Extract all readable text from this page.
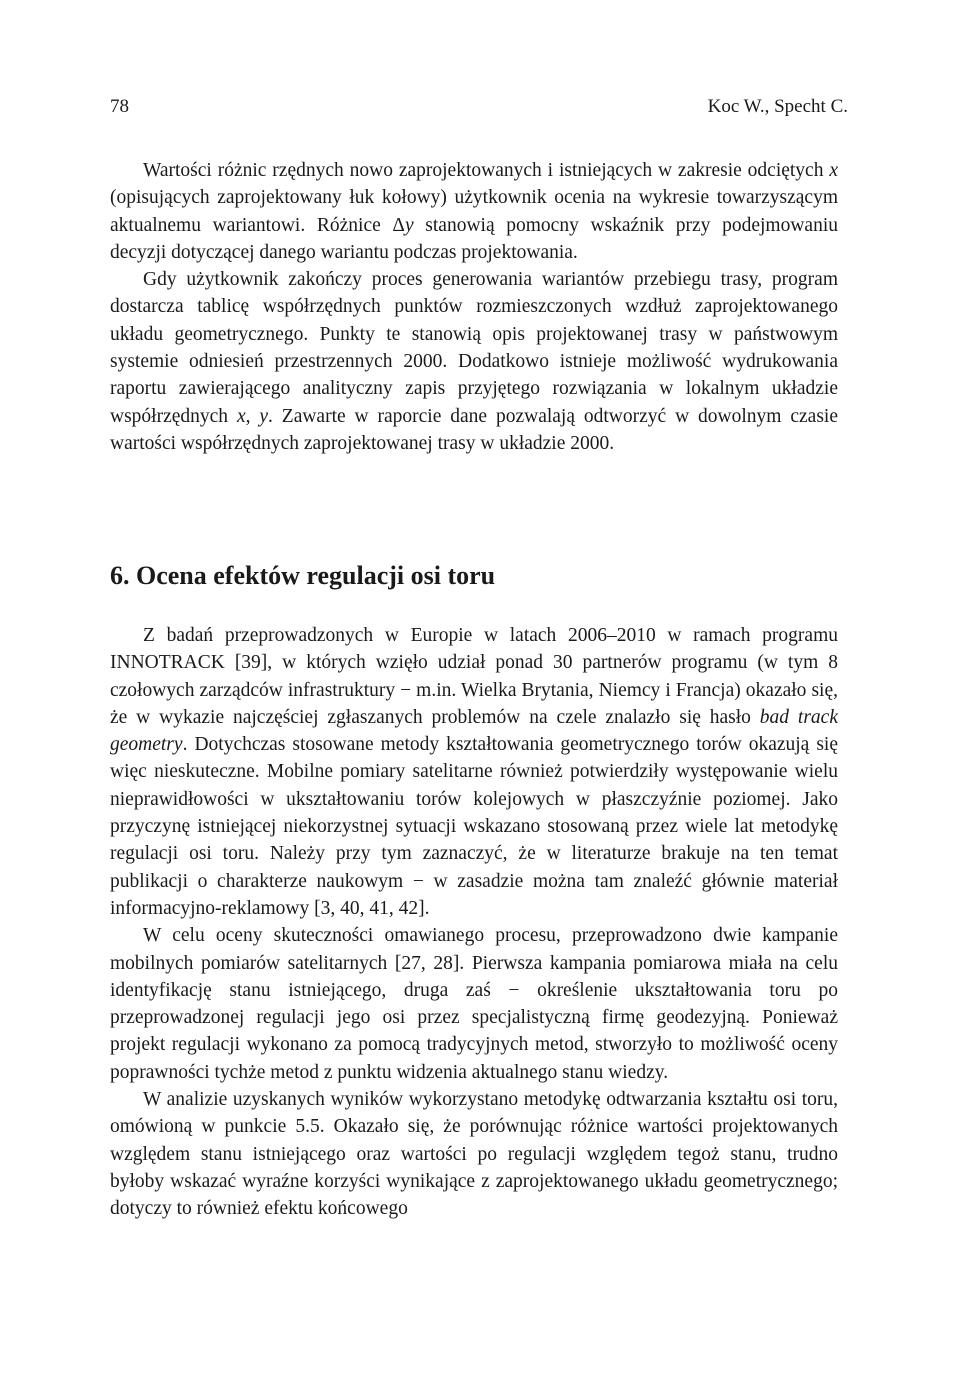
78	Koc W., Specht C.

Wartości różnic rzędnych nowo zaprojektowanych i istniejących w zakresie odciętych x (opisujących zaprojektowany łuk kołowy) użytkownik ocenia na wykresie towarzyszącym aktualnemu wariantowi. Różnice Δy stanowią pomocny wskaźnik przy podejmowaniu decyzji dotyczącej danego wariantu podczas projektowania.

Gdy użytkownik zakończy proces generowania wariantów przebiegu trasy, program dostarcza tablicę współrzędnych punktów rozmieszczonych wzdłuż zaprojektowanego układu geometrycznego. Punkty te stanowią opis projektowanej trasy w państwowym systemie odniesień przestrzennych 2000. Dodatkowo istnieje możliwość wydrukowania raportu zawierającego analityczny zapis przyjętego rozwiązania w lokalnym układzie współrzędnych x, y. Zawarte w raporcie dane pozwalają odtworzyć w dowolnym czasie wartości współrzędnych zaprojektowanej trasy w układzie 2000.

6. Ocena efektów regulacji osi toru

Z badań przeprowadzonych w Europie w latach 2006–2010 w ramach programu INNOTRACK [39], w których wzięło udział ponad 30 partnerów programu (w tym 8 czołowych zarządców infrastruktury − m.in. Wielka Brytania, Niemcy i Francja) okazało się, że w wykazie najczęściej zgłaszanych problemów na czele znalazło się hasło bad track geometry. Dotychczas stosowane metody kształtowania geometrycznego torów okazują się więc nieskuteczne. Mobilne pomiary satelitarne również potwierdziły występowanie wielu nieprawidłowości w ukształtowaniu torów kolejowych w płaszczyźnie poziomej. Jako przyczynę istniejącej niekorzystnej sytuacji wskazano stosowaną przez wiele lat metodykę regulacji osi toru. Należy przy tym zaznaczyć, że w literaturze brakuje na ten temat publikacji o charakterze naukowym − w zasadzie można tam znaleźć głównie materiał informacyjno-reklamowy [3, 40, 41, 42].

W celu oceny skuteczności omawianego procesu, przeprowadzono dwie kampanie mobilnych pomiarów satelitarnych [27, 28]. Pierwsza kampania pomiarowa miała na celu identyfikację stanu istniejącego, druga zaś − określenie ukształtowania toru po przeprowadzonej regulacji jego osi przez specjalistyczną firmę geodezyjną. Ponieważ projekt regulacji wykonano za pomocą tradycyjnych metod, stworzyło to możliwość oceny poprawności tychże metod z punktu widzenia aktualnego stanu wiedzy.

W analizie uzyskanych wyników wykorzystano metodykę odtwarzania kształtu osi toru, omówioną w punkcie 5.5. Okazało się, że porównując różnice wartości projektowanych względem stanu istniejącego oraz wartości po regulacji względem tegoż stanu, trudno byłoby wskazać wyraźne korzyści wynikające z zaprojektowanego układu geometrycznego; dotyczy to również efektu końcowego
